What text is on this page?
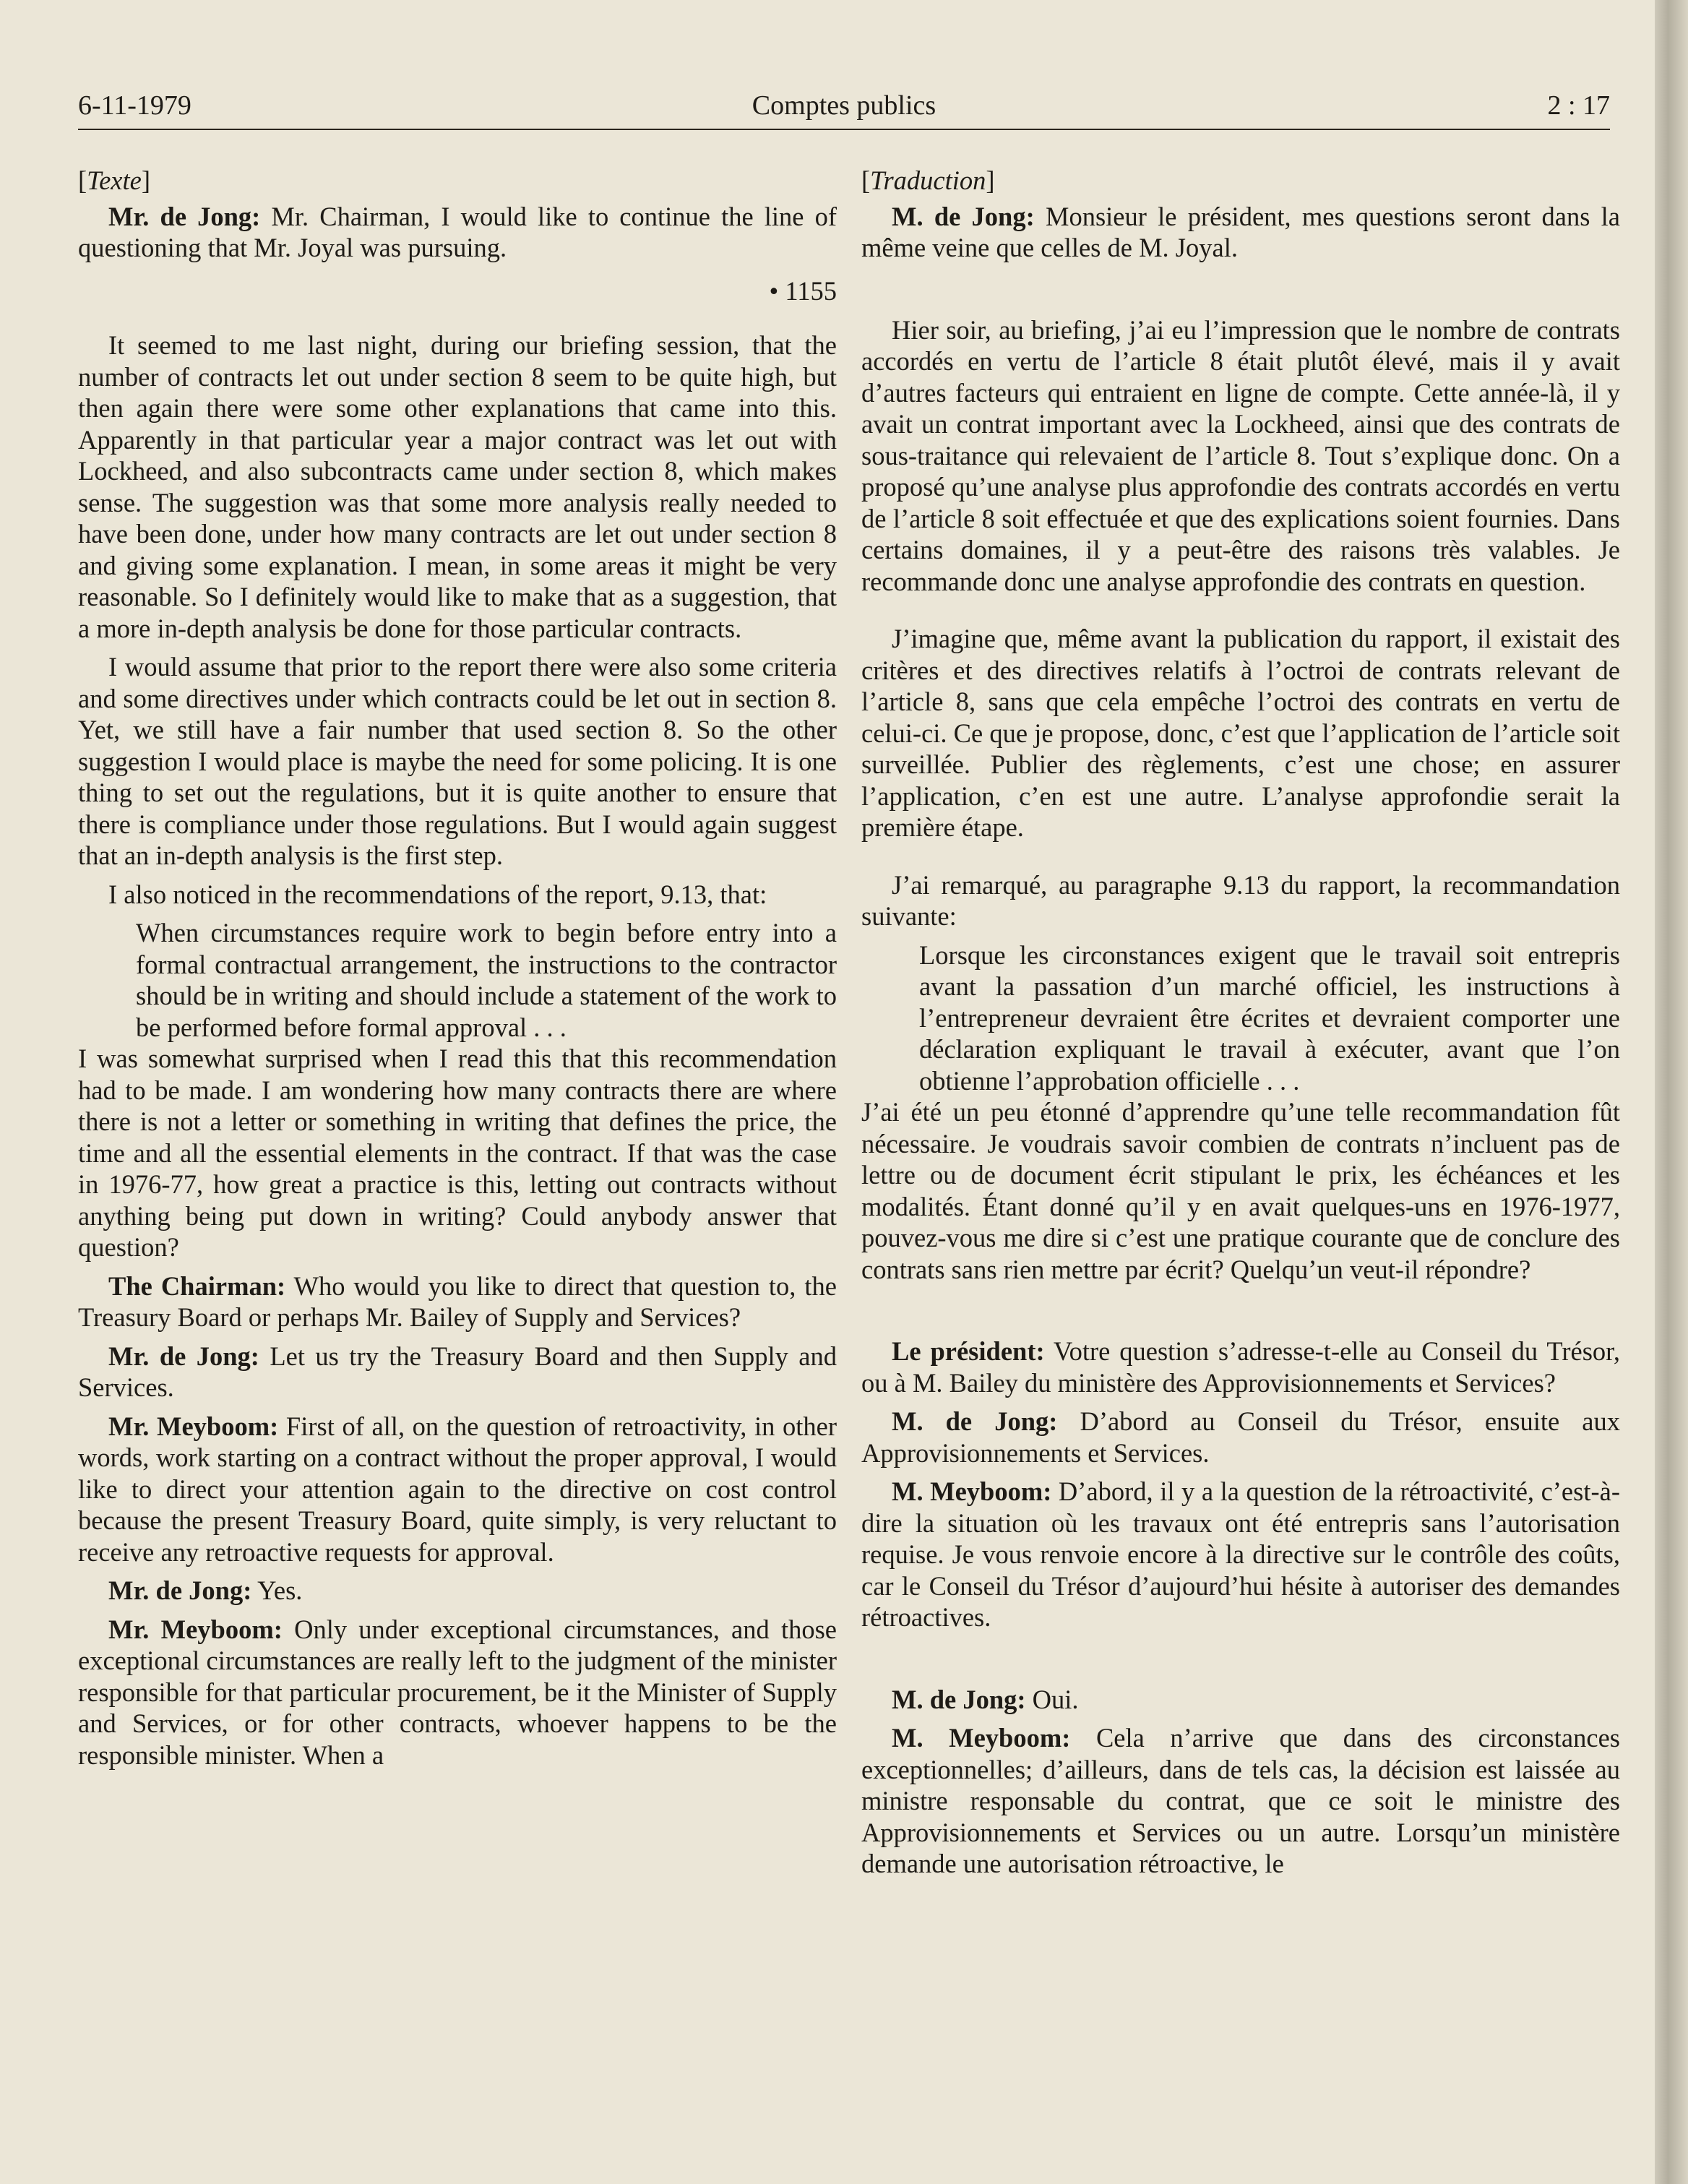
6-11-1979	Comptes publics	2 : 17

[Texte]

Mr. de Jong: Mr. Chairman, I would like to continue the line of questioning that Mr. Joyal was pursuing.

• 1155

It seemed to me last night, during our briefing session, that the number of contracts let out under section 8 seem to be quite high, but then again there were some other explanations that came into this. Apparently in that particular year a major contract was let out with Lockheed, and also subcontracts came under section 8, which makes sense. The suggestion was that some more analysis really needed to have been done, under how many contracts are let out under section 8 and giving some explanation. I mean, in some areas it might be very reasonable. So I definitely would like to make that as a suggestion, that a more in-depth analysis be done for those particular contracts.

I would assume that prior to the report there were also some criteria and some directives under which contracts could be let out in section 8. Yet, we still have a fair number that used section 8. So the other suggestion I would place is maybe the need for some policing. It is one thing to set out the regulations, but it is quite another to ensure that there is compliance under those regulations. But I would again suggest that an in-depth analysis is the first step.

I also noticed in the recommendations of the report, 9.13, that:

When circumstances require work to begin before entry into a formal contractual arrangement, the instructions to the contractor should be in writing and should include a statement of the work to be performed before formal approval . . .

I was somewhat surprised when I read this that this recommendation had to be made. I am wondering how many contracts there are where there is not a letter or something in writing that defines the price, the time and all the essential elements in the contract. If that was the case in 1976-77, how great a practice is this, letting out contracts without anything being put down in writing? Could anybody answer that question?

The Chairman: Who would you like to direct that question to, the Treasury Board or perhaps Mr. Bailey of Supply and Services?

Mr. de Jong: Let us try the Treasury Board and then Supply and Services.

Mr. Meyboom: First of all, on the question of retroactivity, in other words, work starting on a contract without the proper approval, I would like to direct your attention again to the directive on cost control because the present Treasury Board, quite simply, is very reluctant to receive any retroactive requests for approval.

Mr. de Jong: Yes.

Mr. Meyboom: Only under exceptional circumstances, and those exceptional circumstances are really left to the judgment of the minister responsible for that particular procurement, be it the Minister of Supply and Services, or for other contracts, whoever happens to be the responsible minister. When a

[Traduction]

M. de Jong: Monsieur le président, mes questions seront dans la même veine que celles de M. Joyal.

Hier soir, au briefing, j’ai eu l’impression que le nombre de contrats accordés en vertu de l’article 8 était plutôt élevé, mais il y avait d’autres facteurs qui entraient en ligne de compte. Cette année-là, il y avait un contrat important avec la Lockheed, ainsi que des contrats de sous-traitance qui relevaient de l’article 8. Tout s’explique donc. On a proposé qu’une analyse plus approfondie des contrats accordés en vertu de l’article 8 soit effectuée et que des explications soient fournies. Dans certains domaines, il y a peut-être des raisons très valables. Je recommande donc une analyse approfondie des contrats en question.

J’imagine que, même avant la publication du rapport, il existait des critères et des directives relatifs à l’octroi de contrats relevant de l’article 8, sans que cela empêche l’octroi des contrats en vertu de celui-ci. Ce que je propose, donc, c’est que l’application de l’article soit surveillée. Publier des règlements, c’est une chose; en assurer l’application, c’en est une autre. L’analyse approfondie serait la première étape.

J’ai remarqué, au paragraphe 9.13 du rapport, la recommandation suivante:

Lorsque les circonstances exigent que le travail soit entrepris avant la passation d’un marché officiel, les instructions à l’entrepreneur devraient être écrites et devraient comporter une déclaration expliquant le travail à exécuter, avant que l’on obtienne l’approbation officielle . . .

J’ai été un peu étonné d’apprendre qu’une telle recommandation fût nécessaire. Je voudrais savoir combien de contrats n’incluent pas de lettre ou de document écrit stipulant le prix, les échéances et les modalités. Étant donné qu’il y en avait quelques-uns en 1976-1977, pouvez-vous me dire si c’est une pratique courante que de conclure des contrats sans rien mettre par écrit? Quelqu’un veut-il répondre?

Le président: Votre question s’adresse-t-elle au Conseil du Trésor, ou à M. Bailey du ministère des Approvisionnements et Services?

M. de Jong: D’abord au Conseil du Trésor, ensuite aux Approvisionnements et Services.

M. Meyboom: D’abord, il y a la question de la rétroactivité, c’est-à-dire la situation où les travaux ont été entrepris sans l’autorisation requise. Je vous renvoie encore à la directive sur le contrôle des coûts, car le Conseil du Trésor d’aujourd’hui hésite à autoriser des demandes rétroactives.

M. de Jong: Oui.

M. Meyboom: Cela n’arrive que dans des circonstances exceptionnelles; d’ailleurs, dans de tels cas, la décision est laissée au ministre responsable du contrat, que ce soit le ministre des Approvisionnements et Services ou un autre. Lorsqu’un ministère demande une autorisation rétroactive, le
